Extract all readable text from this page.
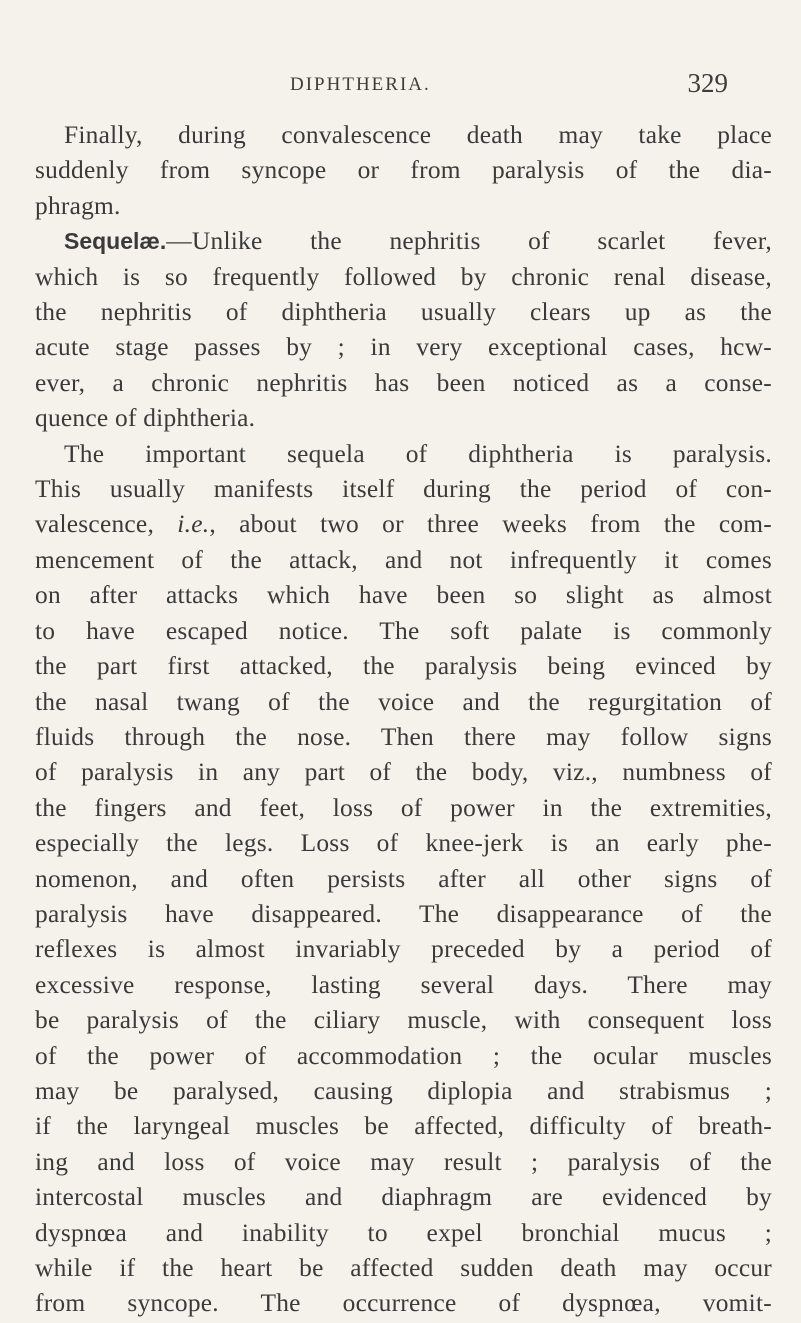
DIPHTHERIA.	329
Finally, during convalescence death may take place
suddenly from syncope or from paralysis of the dia-
phragm.
Sequelæ.—Unlike the nephritis of scarlet fever,
which is so frequently followed by chronic renal disease,
the nephritis of diphtheria usually clears up as the
acute stage passes by ; in very exceptional cases, hcw-
ever, a chronic nephritis has been noticed as a conse-
quence of diphtheria.
The important sequela of diphtheria is paralysis.
This usually manifests itself during the period of con-
valescence, i.e., about two or three weeks from the com-
mencement of the attack, and not infrequently it comes
on after attacks which have been so slight as almost
to have escaped notice. The soft palate is commonly
the part first attacked, the paralysis being evinced by
the nasal twang of the voice and the regurgitation of
fluids through the nose. Then there may follow signs
of paralysis in any part of the body, viz., numbness of
the fingers and feet, loss of power in the extremities,
especially the legs. Loss of knee-jerk is an early phe-
nomenon, and often persists after all other signs of
paralysis have disappeared. The disappearance of the
reflexes is almost invariably preceded by a period of
excessive response, lasting several days. There may
be paralysis of the ciliary muscle, with consequent loss
of the power of accommodation ; the ocular muscles
may be paralysed, causing diplopia and strabismus ;
if the laryngeal muscles be affected, difficulty of breath-
ing and loss of voice may result ; paralysis of the
intercostal muscles and diaphragm are evidenced by
dyspnœa and inability to expel bronchial mucus ;
while if the heart be affected sudden death may occur
from syncope. The occurrence of dyspnœa, vomit-
